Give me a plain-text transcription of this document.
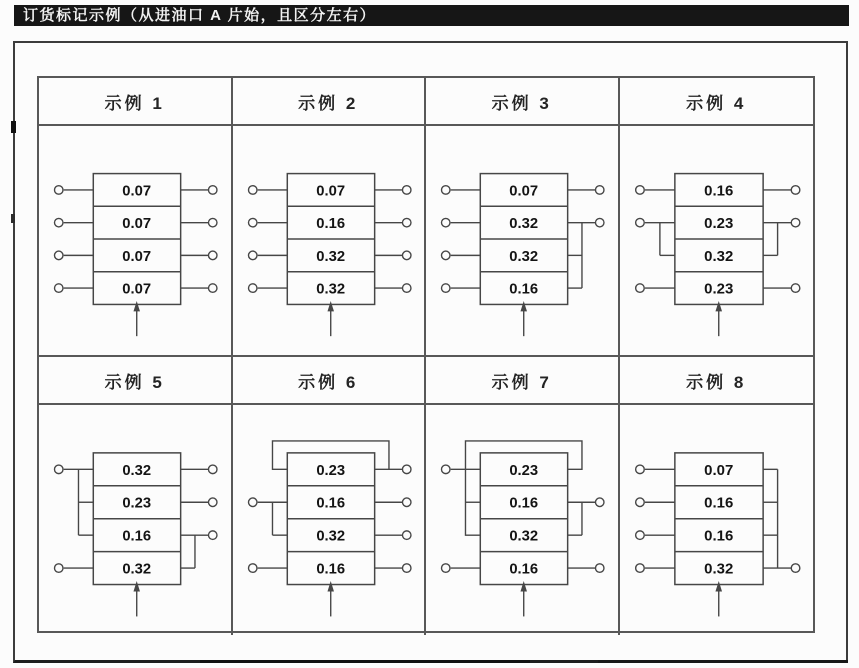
订货标记示例（从进油口 A 片始，且区分左右）
示例 1
0.07
0.07
0.07
0.07
示例 2
0.07
0.16
0.32
0.32
示例 3
0.07
0.32
0.32
0.16
示例 4
0.16
0.23
0.32
0.23
示例 5
0.32
0.23
0.16
0.32
示例 6
0.23
0.16
0.32
0.16
示例 7
0.23
0.16
0.32
0.16
示例 8
0.07
0.16
0.16
0.32
